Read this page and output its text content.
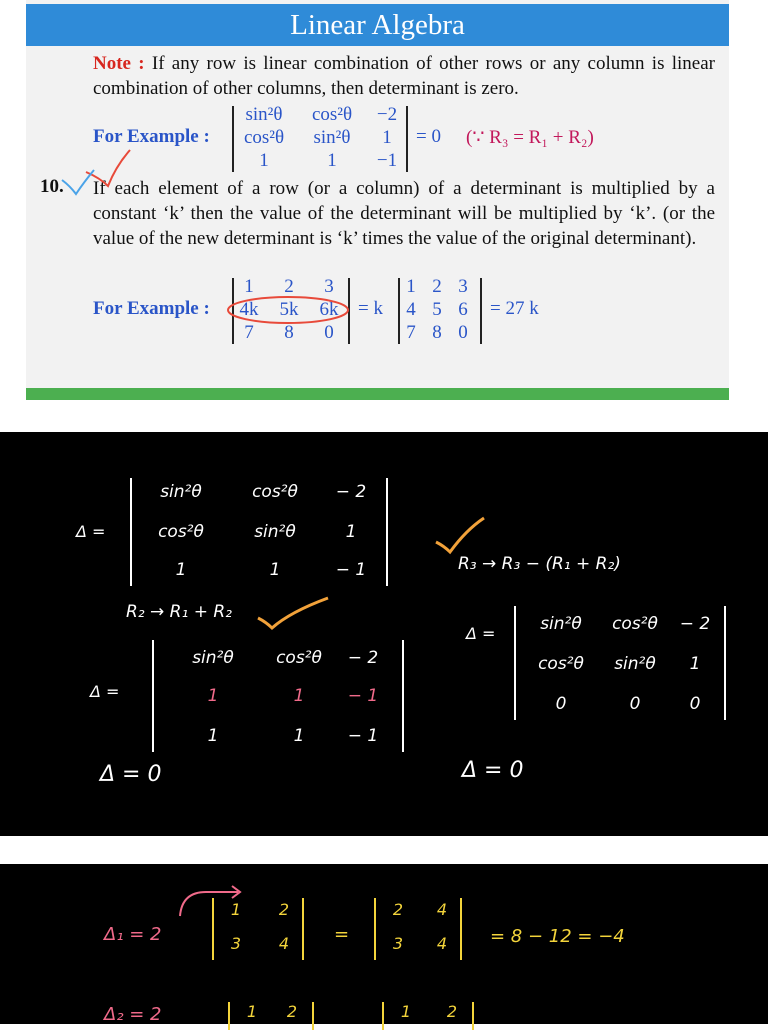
Linear Algebra
Note : If any row is linear combination of other rows or any column is linear combination of other columns, then determinant is zero.
For Example :
sin²θ	cos²θ	−2
cos²θ	sin²θ	1
1	1	−1
= 0 (∵ R₃ = R₁ + R₂)
10. If each element of a row (or a column) of a determinant is multiplied by a constant ‘k’ then the value of the determinant will be multiplied by ‘k’. (or the value of the new determinant is ‘k’ times the value of the original determinant).
For Example :
1	2	3
4k 5k 6k
7	8	0
= k
1 2 3
4 5 6
7 8 0
= 27 k
Δ =
sin²θ	cos²θ	− 2
cos²θ	sin²θ	1
1	1	− 1
R₂ → R₁ + R₂
Δ =
sin²θ	cos²θ	− 2
1	1	− 1
1	1	− 1
Δ = 0
R₃ → R₃ − (R₁ + R₂)
Δ =	sin²θ	cos²θ	− 2
cos²θ	sin²θ	1
0	0	0
Δ = 0
Δ₁ = 2
1	2
3	4	=
2	4
3	4	= 8 − 12 = −4
Δ₂ = 2	1	2	1	2
